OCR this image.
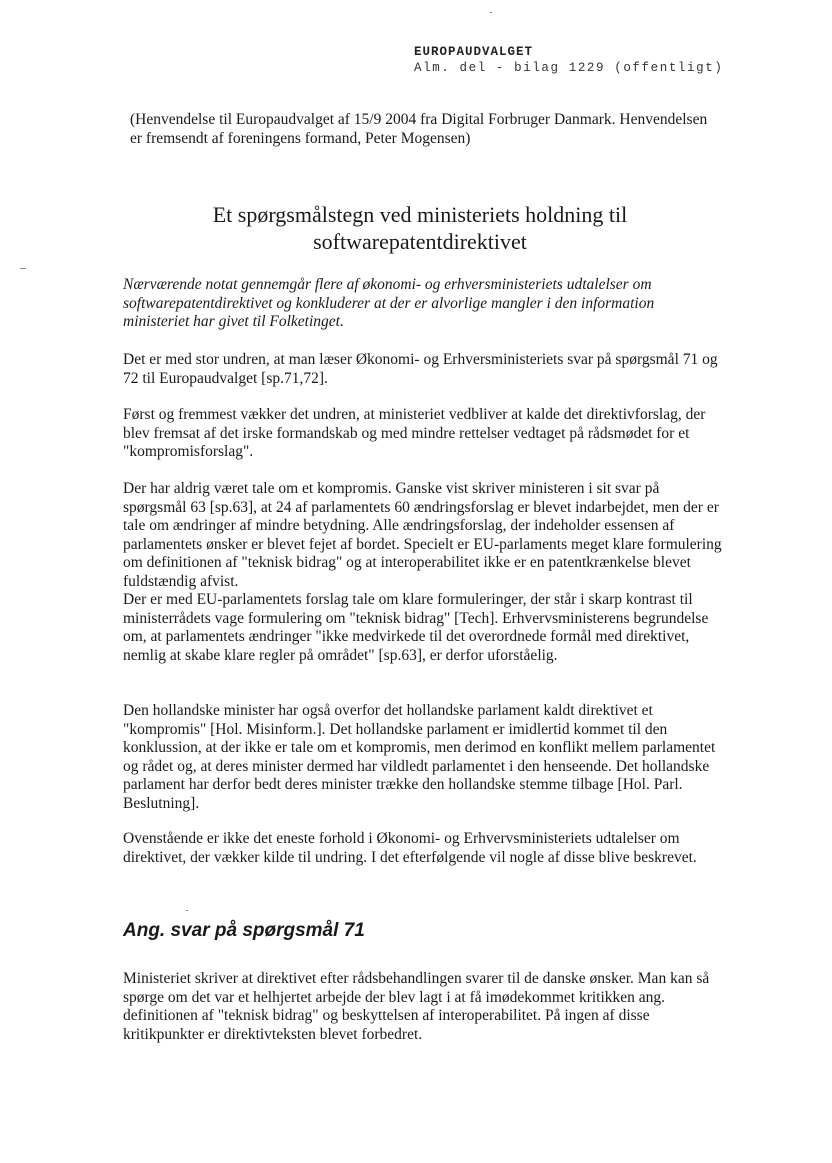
EUROPAUDVALGET
Alm. del - bilag 1229 (offentligt)
(Henvendelse til Europaudvalget af 15/9 2004 fra Digital Forbruger Danmark. Henvendelsen er fremsendt af foreningens formand, Peter Mogensen)
Et spørgsmålstegn ved ministeriets holdning til
softwarepatentdirektivet

Nærværende notat gennemgår flere af økonomi- og erhversministeriets udtalelser om softwarepatentdirektivet og konkluderer at der er alvorlige mangler i den information ministeriet har givet til Folketinget.

Det er med stor undren, at man læser Økonomi- og Erhversministeriets svar på spørgsmål 71 og 72 til Europaudvalget [sp.71,72].

Først og fremmest vækker det undren, at ministeriet vedbliver at kalde det direktivforslag, der blev fremsat af det irske formandskab og med mindre rettelser vedtaget på rådsmødet for et "kompromisforslag".

Der har aldrig været tale om et kompromis. Ganske vist skriver ministeren i sit svar på spørgsmål 63 [sp.63], at 24 af parlamentets 60 ændringsforslag er blevet indarbejdet, men der er tale om ændringer af mindre betydning. Alle ændringsforslag, der indeholder essensen af parlamentets ønsker er blevet fejet af bordet. Specielt er EU-parlaments meget klare formulering om definitionen af "teknisk bidrag" og at interoperabilitet ikke er en patentkrænkelse blevet fuldstændig afvist.

Der er med EU-parlamentets forslag tale om klare formuleringer, der står i skarp kontrast til ministerrådets vage formulering om "teknisk bidrag" [Tech]. Erhvervsministerens begrundelse om, at parlamentets ændringer "ikke medvirkede til det overordnede formål med direktivet, nemlig at skabe klare regler på området" [sp.63], er derfor uforståelig.

Den hollandske minister har også overfor det hollandske parlament kaldt direktivet et "kompromis" [Hol. Misinform.]. Det hollandske parlament er imidlertid kommet til den konklussion, at der ikke er tale om et kompromis, men derimod en konflikt mellem parlamentet og rådet og, at deres minister dermed har vildledt parlamentet i den henseende. Det hollandske parlament har derfor bedt deres minister trække den hollandske stemme tilbage [Hol. Parl. Beslutning].

Ovenstående er ikke det eneste forhold i Økonomi- og Erhvervsministeriets udtalelser om direktivet, der vækker kilde til undring. I det efterfølgende vil nogle af disse blive beskrevet.

Ang. svar på spørgsmål 71

Ministeriet skriver at direktivet efter rådsbehandlingen svarer til de danske ønsker. Man kan så spørge om det var et helhjertet arbejde der blev lagt i at få imødekommet kritikken ang. definitionen af "teknisk bidrag" og beskyttelsen af interoperabilitet. På ingen af disse kritikpunkter er direktivteksten blevet forbedret.
